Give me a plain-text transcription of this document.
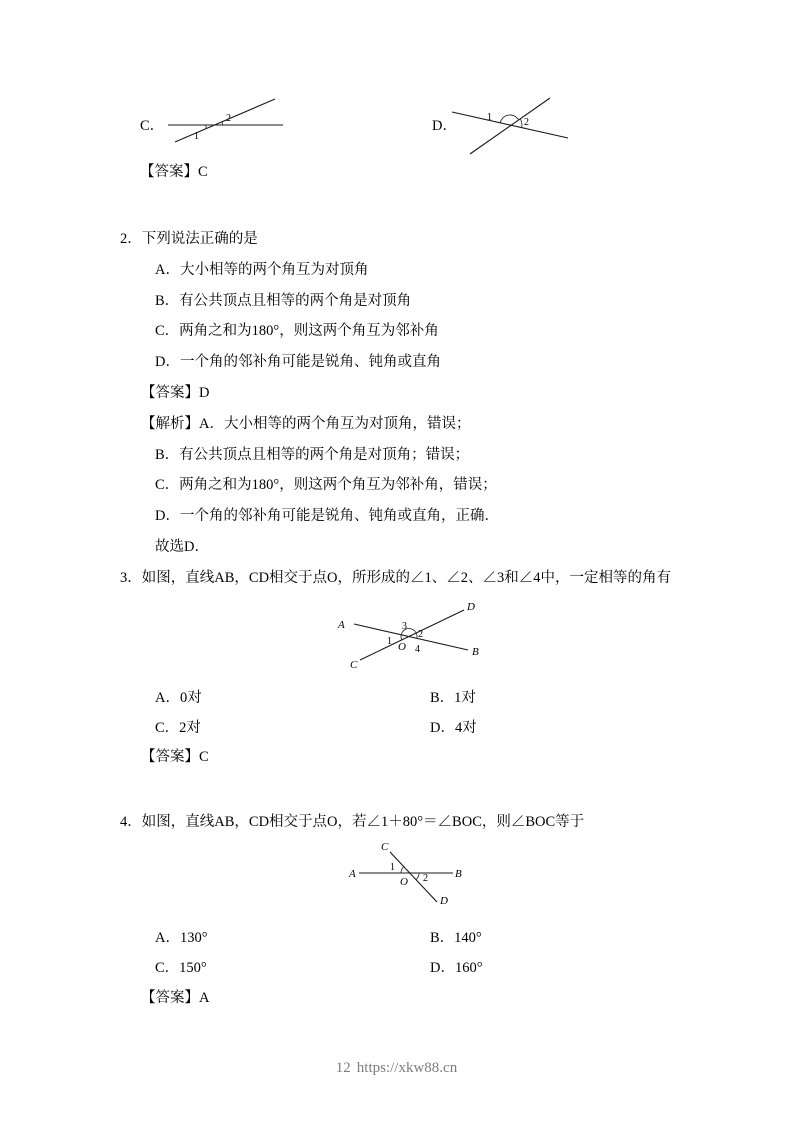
C．
1
2	D．
1	2
【答案】C
2．下列说法正确的是
A．大小相等的两个角互为对顶角
B．有公共顶点且相等的两个角是对顶角
C．两角之和为180°，则这两个角互为邻补角
D．一个角的邻补角可能是锐角、钝角或直角
【答案】D
【解析】A．大小相等的两个角互为对顶角，错误；
B．有公共顶点且相等的两个角是对顶角；错误；
C．两角之和为180°，则这两个角互为邻补角，错误；
D．一个角的邻补角可能是锐角、钝角或直角，正确．
故选D．
3．如图，直线AB，CD相交于点O，所形成的∠1、∠2、∠3和∠4中，一定相等的角有
A
B
C
D
O
1
2
3
4
A．0对	B．1对
C．2对	D．4对
【答案】C
4．如图，直线AB，CD相交于点O，若∠1＋80°＝∠BOC，则∠BOC等于
A	B
C
D
O
1
2
A．130°	B．140°
C．150°	D．160°
【答案】A
12 https://xkw88.cn
